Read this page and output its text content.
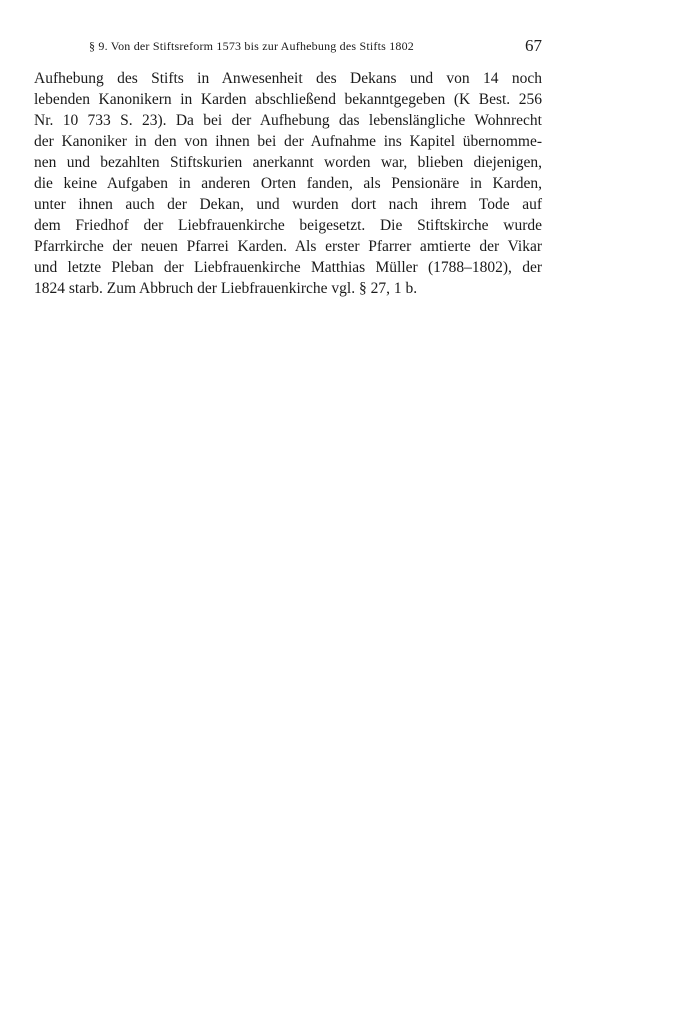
§ 9. Von der Stiftsreform 1573 bis zur Aufhebung des Stifts 1802	67
Aufhebung des Stifts in Anwesenheit des Dekans und von 14 noch
lebenden Kanonikern in Karden abschließend bekanntgegeben (K Best. 256
Nr. 10 733 S. 23). Da bei der Aufhebung das lebenslängliche Wohnrecht
der Kanoniker in den von ihnen bei der Aufnahme ins Kapitel übernomme-
nen und bezahlten Stiftskurien anerkannt worden war, blieben diejenigen,
die keine Aufgaben in anderen Orten fanden, als Pensionäre in Karden,
unter ihnen auch der Dekan, und wurden dort nach ihrem Tode auf
dem Friedhof der Liebfrauenkirche beigesetzt. Die Stiftskirche wurde
Pfarrkirche der neuen Pfarrei Karden. Als erster Pfarrer amtierte der Vikar
und letzte Pleban der Liebfrauenkirche Matthias Müller (1788–1802), der
1824 starb. Zum Abbruch der Liebfrauenkirche vgl. § 27, 1 b.
